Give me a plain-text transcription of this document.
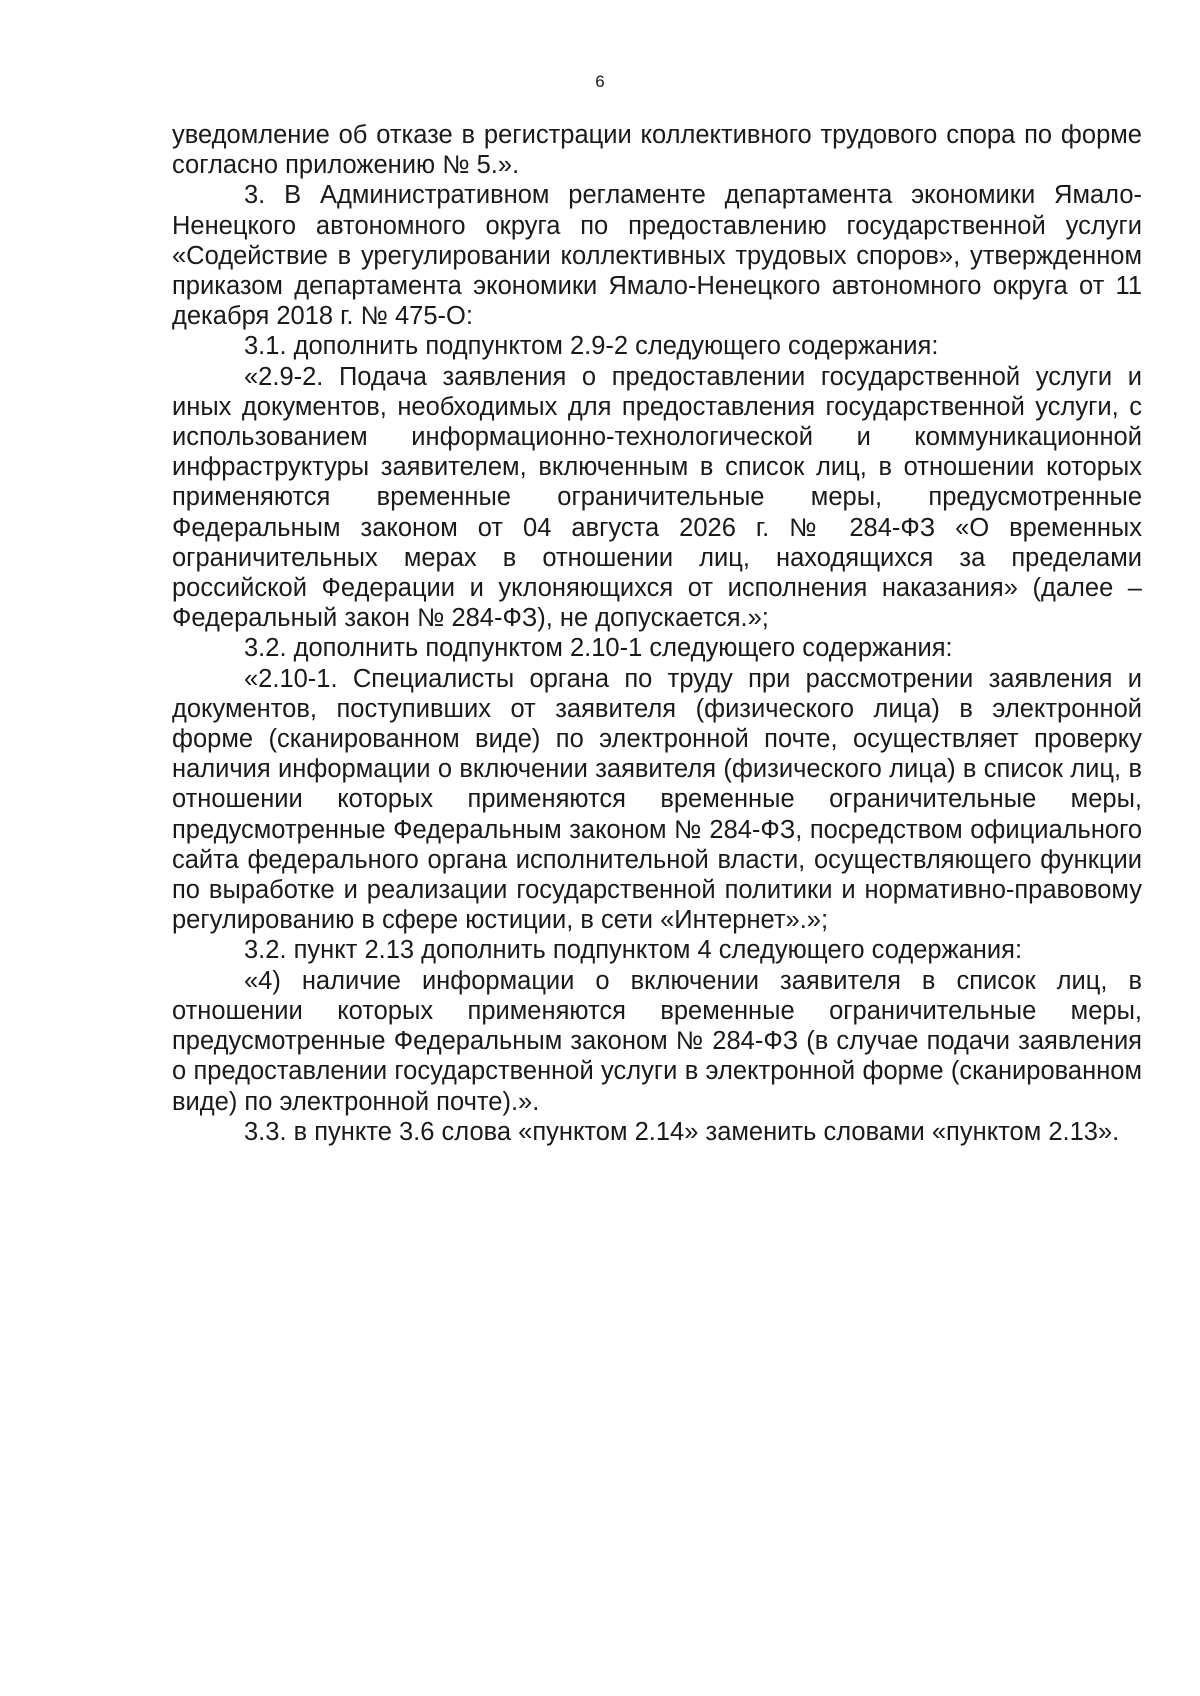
6

уведомление об отказе в регистрации коллективного трудового спора по форме согласно приложению № 5.».

3. В Административном регламенте департамента экономики Ямало-Ненецкого автономного округа по предоставлению государственной услуги «Содействие в урегулировании коллективных трудовых споров», утвержденном приказом департамента экономики Ямало-Ненецкого автономного округа от 11 декабря 2018 г. № 475-О:

3.1. дополнить подпунктом 2.9-2 следующего содержания:

«2.9-2. Подача заявления о предоставлении государственной услуги и иных документов, необходимых для предоставления государственной услуги, с использованием информационно-технологической и коммуникационной инфраструктуры заявителем, включенным в список лиц, в отношении которых применяются временные ограничительные меры, предусмотренные Федеральным законом от 04 августа 2026 г. № 284-ФЗ «О временных ограничительных мерах в отношении лиц, находящихся за пределами российской Федерации и уклоняющихся от исполнения наказания» (далее – Федеральный закон № 284-ФЗ), не допускается.»;

3.2. дополнить подпунктом 2.10-1 следующего содержания:

«2.10-1. Специалисты органа по труду при рассмотрении заявления и документов, поступивших от заявителя (физического лица) в электронной форме (сканированном виде) по электронной почте, осуществляет проверку наличия информации о включении заявителя (физического лица) в список лиц, в отношении которых применяются временные ограничительные меры, предусмотренные Федеральным законом № 284-ФЗ, посредством официального сайта федерального органа исполнительной власти, осуществляющего функции по выработке и реализации государственной политики и нормативно-правовому регулированию в сфере юстиции, в сети «Интернет».»;

3.2. пункт 2.13 дополнить подпунктом 4 следующего содержания:

«4) наличие информации о включении заявителя в список лиц, в отношении которых применяются временные ограничительные меры, предусмотренные Федеральным законом № 284-ФЗ (в случае подачи заявления о предоставлении государственной услуги в электронной форме (сканированном виде) по электронной почте).».

3.3. в пункте 3.6 слова «пунктом 2.14» заменить словами «пунктом 2.13».
